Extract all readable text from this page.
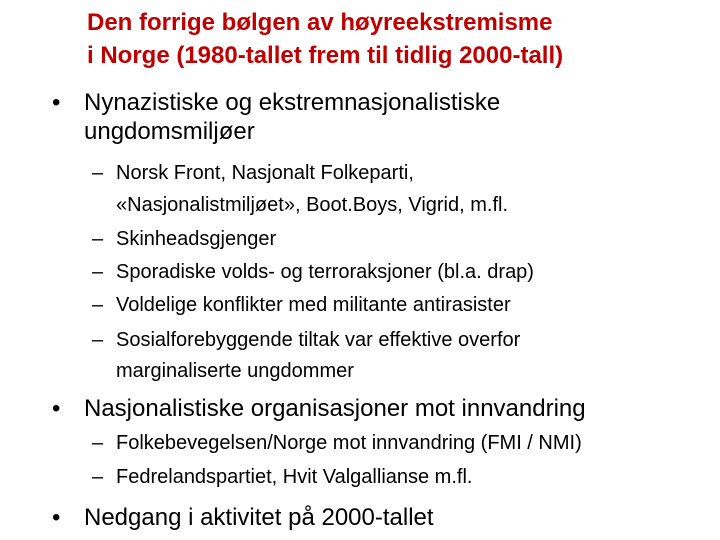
Den forrige bølgen av høyreekstremisme
i Norge (1980-tallet frem til tidlig 2000-tall)
• Nynazistiske og ekstremnasjonalistiske
ungdomsmiljøer
– Norsk Front, Nasjonalt Folkeparti,
«Nasjonalistmiljøet», Boot.Boys, Vigrid, m.fl.
– Skinheadsgjenger
– Sporadiske volds- og terroraksjoner (bl.a. drap)
– Voldelige konflikter med militante antirasister
– Sosialforebyggende tiltak var effektive overfor
marginaliserte ungdommer
• Nasjonalistiske organisasjoner mot innvandring
– Folkebevegelsen/Norge mot innvandring (FMI / NMI)
– Fedrelandspartiet, Hvit Valgallianse m.fl.
• Nedgang i aktivitet på 2000-tallet
